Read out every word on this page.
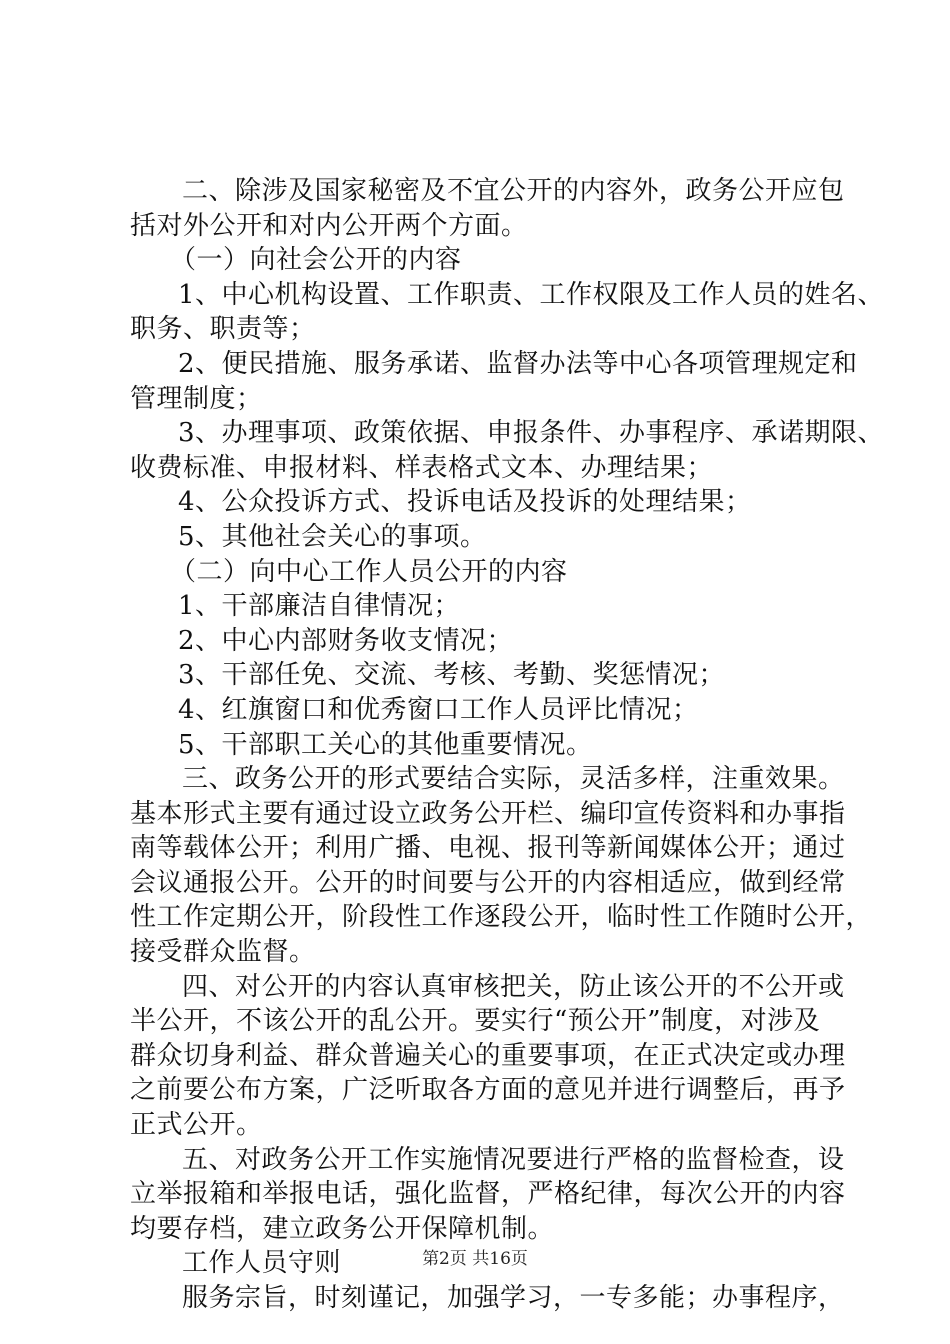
二、除涉及国家秘密及不宜公开的内容外，政务公开应包
括对外公开和对内公开两个方面。
（一）向社会公开的内容
1、中心机构设置、工作职责、工作权限及工作人员的姓名、
职务、职责等；
2、便民措施、服务承诺、监督办法等中心各项管理规定和
管理制度；
3、办理事项、政策依据、申报条件、办事程序、承诺期限、
收费标准、申报材料、样表格式文本、办理结果；
4、公众投诉方式、投诉电话及投诉的处理结果；
5、其他社会关心的事项。
（二）向中心工作人员公开的内容
1、干部廉洁自律情况；
2、中心内部财务收支情况；
3、干部任免、交流、考核、考勤、奖惩情况；
4、红旗窗口和优秀窗口工作人员评比情况；
5、干部职工关心的其他重要情况。
三、政务公开的形式要结合实际，灵活多样，注重效果。
基本形式主要有通过设立政务公开栏、编印宣传资料和办事指
南等载体公开；利用广播、电视、报刊等新闻媒体公开；通过
会议通报公开。公开的时间要与公开的内容相适应，做到经常
性工作定期公开，阶段性工作逐段公开，临时性工作随时公开，
接受群众监督。
四、对公开的内容认真审核把关，防止该公开的不公开或
半公开，不该公开的乱公开。要实行“预公开”制度，对涉及
群众切身利益、群众普遍关心的重要事项，在正式决定或办理
之前要公布方案，广泛听取各方面的意见并进行调整后，再予
正式公开。
五、对政务公开工作实施情况要进行严格的监督检查，设
立举报箱和举报电话，强化监督，严格纪律，每次公开的内容
均要存档，建立政务公开保障机制。
工作人员守则
服务宗旨，时刻谨记，加强学习，一专多能；办事程序，
第2页 共16页
